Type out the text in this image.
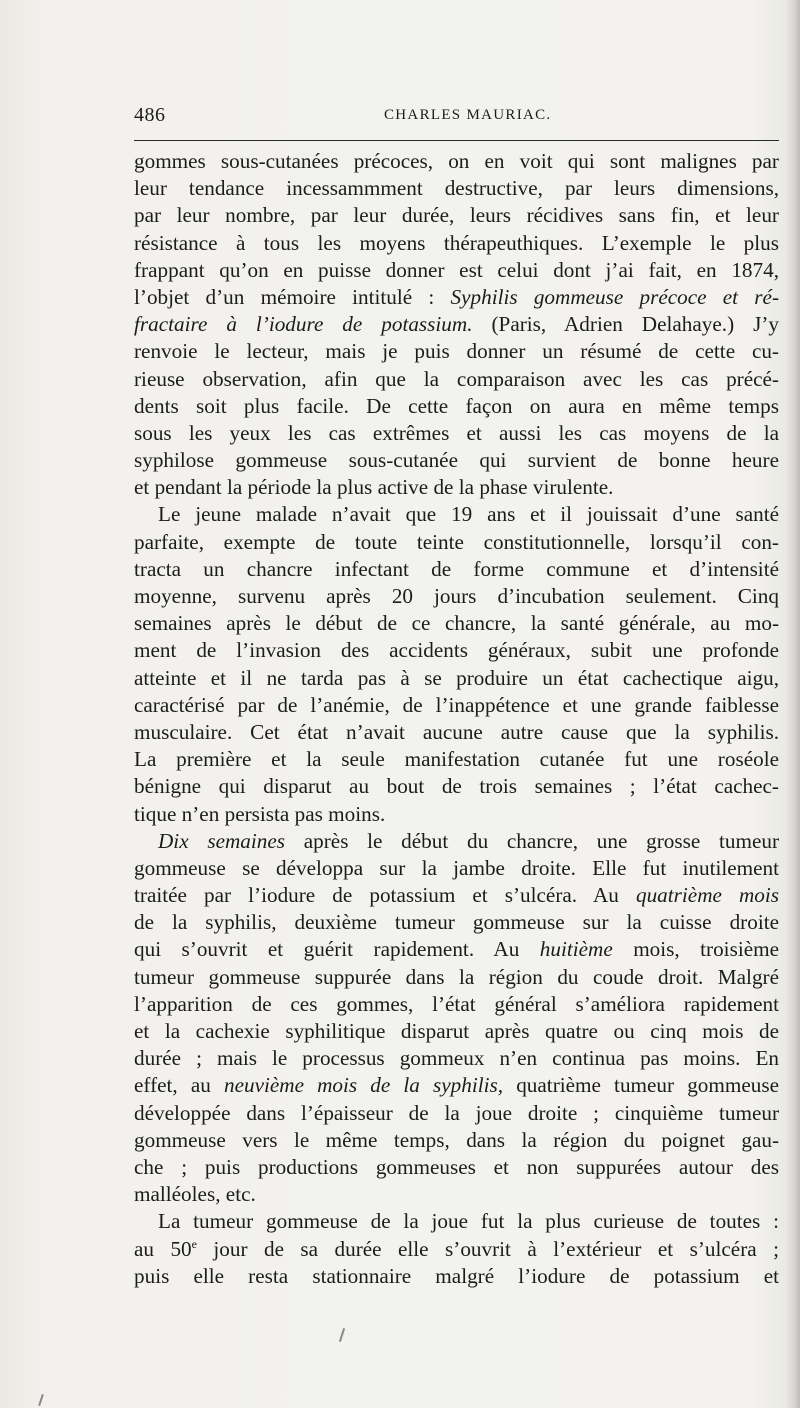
486	CHARLES MAURIAC.
gommes sous-cutanées précoces, on en voit qui sont malignes par
leur tendance incessammment destructive, par leurs dimensions,
par leur nombre, par leur durée, leurs récidives sans fin, et leur
résistance à tous les moyens thérapeuthiques. L’exemple le plus
frappant qu’on en puisse donner est celui dont j’ai fait, en 1874,
l’objet d’un mémoire intitulé : Syphilis gommeuse précoce et ré-
fractaire à l’iodure de potassium. (Paris, Adrien Delahaye.) J’y
renvoie le lecteur, mais je puis donner un résumé de cette cu-
rieuse observation, afin que la comparaison avec les cas précé-
dents soit plus facile. De cette façon on aura en même temps
sous les yeux les cas extrêmes et aussi les cas moyens de la
syphilose gommeuse sous-cutanée qui survient de bonne heure
et pendant la période la plus active de la phase virulente.
Le jeune malade n’avait que 19 ans et il jouissait d’une santé
parfaite, exempte de toute teinte constitutionnelle, lorsqu’il con-
tracta un chancre infectant de forme commune et d’intensité
moyenne, survenu après 20 jours d’incubation seulement. Cinq
semaines après le début de ce chancre, la santé générale, au mo-
ment de l’invasion des accidents généraux, subit une profonde
atteinte et il ne tarda pas à se produire un état cachectique aigu,
caractérisé par de l’anémie, de l’inappétence et une grande faiblesse
musculaire. Cet état n’avait aucune autre cause que la syphilis.
La première et la seule manifestation cutanée fut une roséole
bénigne qui disparut au bout de trois semaines ; l’état cachec-
tique n’en persista pas moins.
Dix semaines après le début du chancre, une grosse tumeur
gommeuse se développa sur la jambe droite. Elle fut inutilement
traitée par l’iodure de potassium et s’ulcéra. Au quatrième mois
de la syphilis, deuxième tumeur gommeuse sur la cuisse droite
qui s’ouvrit et guérit rapidement. Au huitième mois, troisième
tumeur gommeuse suppurée dans la région du coude droit. Malgré
l’apparition de ces gommes, l’état général s’améliora rapidement
et la cachexie syphilitique disparut après quatre ou cinq mois de
durée ; mais le processus gommeux n’en continua pas moins. En
effet, au neuvième mois de la syphilis, quatrième tumeur gommeuse
développée dans l’épaisseur de la joue droite ; cinquième tumeur
gommeuse vers le même temps, dans la région du poignet gau-
che ; puis productions gommeuses et non suppurées autour des
malléoles, etc.
La tumeur gommeuse de la joue fut la plus curieuse de toutes :
au 50e jour de sa durée elle s’ouvrit à l’extérieur et s’ulcéra ;
puis elle resta stationnaire malgré l’iodure de potassium et
